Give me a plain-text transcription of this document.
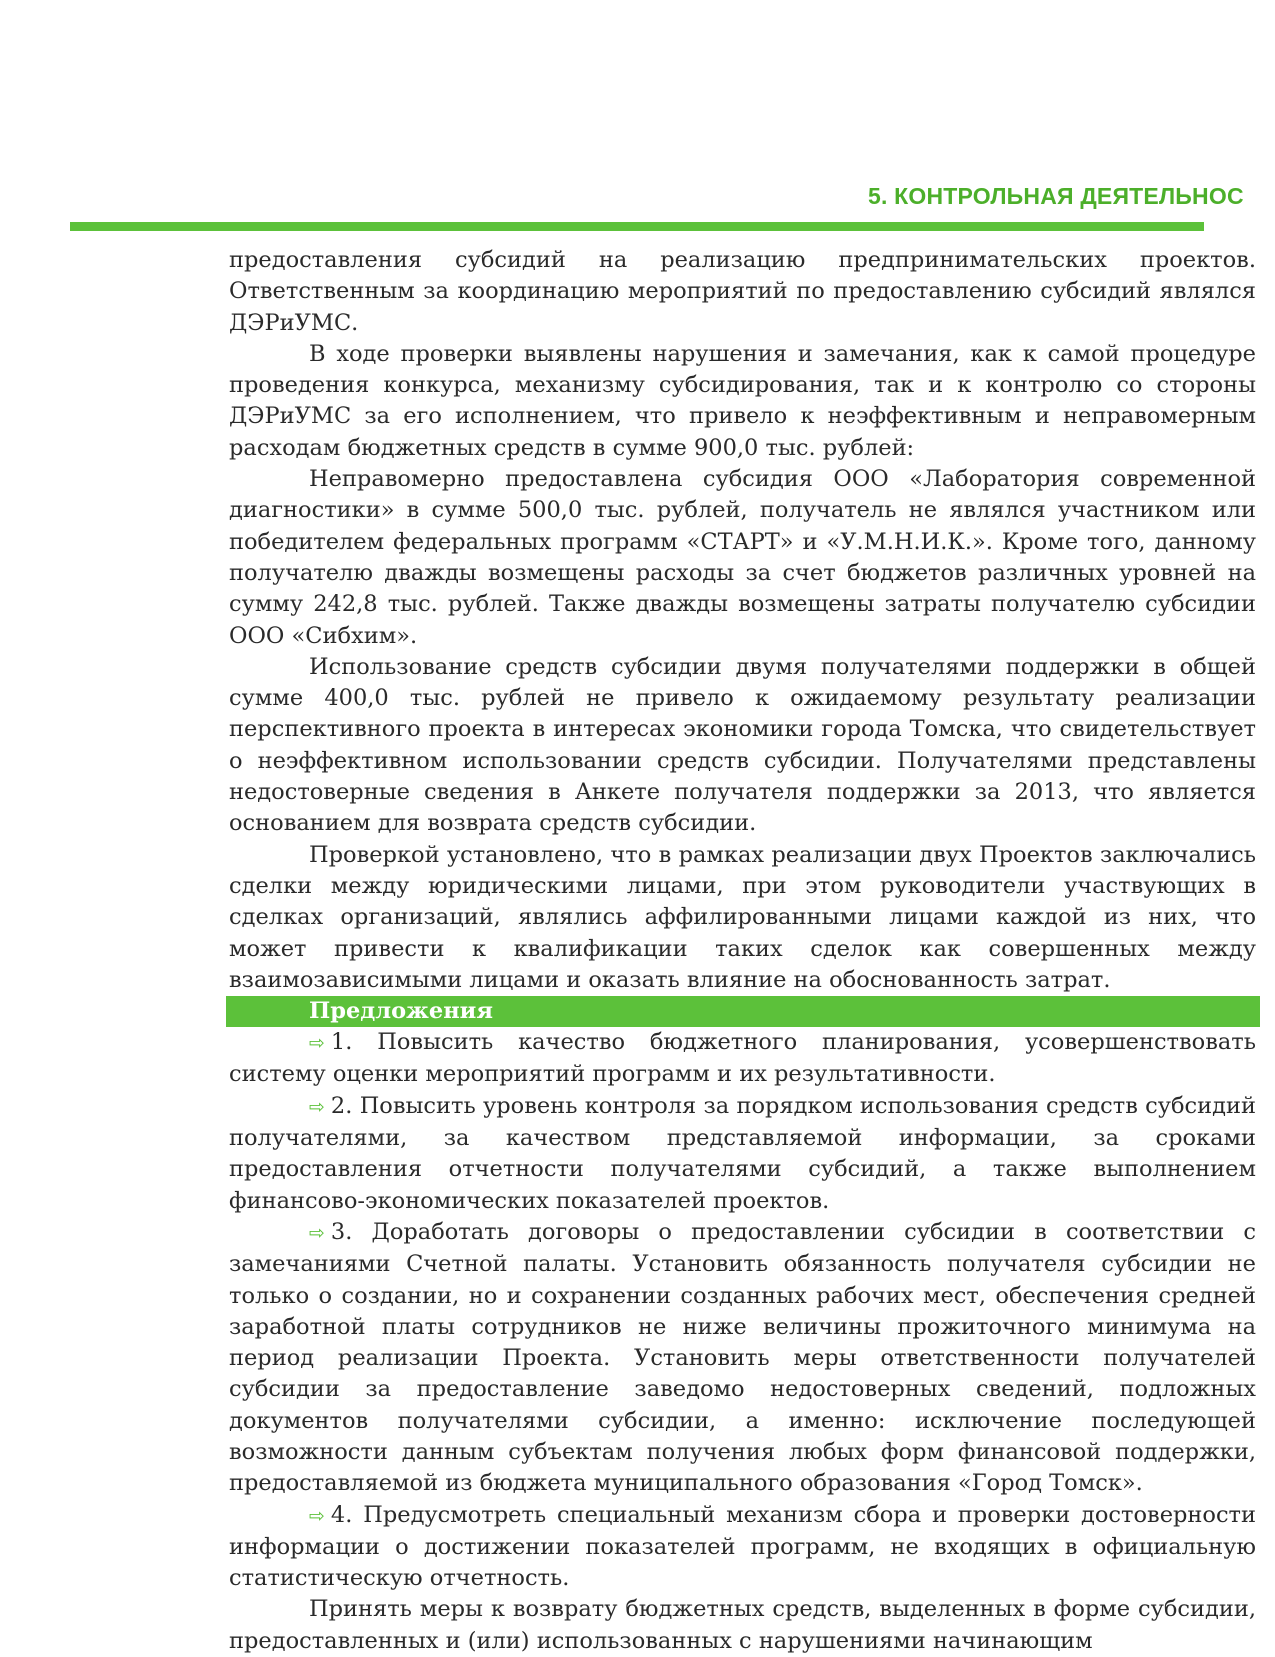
5. КОНТРОЛЬНАЯ ДЕЯТЕЛЬНОС

предоставления субсидий на реализацию предпринимательских проектов. Ответственным за координацию мероприятий по предоставлению субсидий являлся ДЭРиУМС.

В ходе проверки выявлены нарушения и замечания, как к самой процедуре проведения конкурса, механизму субсидирования, так и к контролю со стороны ДЭРиУМС за его исполнением, что привело к неэффективным и неправомерным расходам бюджетных средств в сумме 900,0 тыс. рублей:

Неправомерно предоставлена субсидия ООО «Лаборатория современной диагностики» в сумме 500,0 тыс. рублей, получатель не являлся участником или победителем федеральных программ «СТАРТ» и «У.М.Н.И.К.». Кроме того, данному получателю дважды возмещены расходы за счет бюджетов различных уровней на сумму 242,8 тыс. рублей. Также дважды возмещены затраты получателю субсидии ООО «Сибхим».

Использование средств субсидии двумя получателями поддержки в общей сумме 400,0 тыс. рублей не привело к ожидаемому результату реализации перспективного проекта в интересах экономики города Томска, что свидетельствует о неэффективном использовании средств субсидии. Получателями представлены недостоверные сведения в Анкете получателя поддержки за 2013, что является основанием для возврата средств субсидии.

Проверкой установлено, что в рамках реализации двух Проектов заключались сделки между юридическими лицами, при этом руководители участвующих в сделках организаций, являлись аффилированными лицами каждой из них, что может привести к квалификации таких сделок как совершенных между взаимозависимыми лицами и оказать влияние на обоснованность затрат.

Предложения

⇨ 1. Повысить качество бюджетного планирования, усовершенствовать систему оценки мероприятий программ и их результативности.

⇨ 2. Повысить уровень контроля за порядком использования средств субсидий получателями, за качеством представляемой информации, за сроками предоставления отчетности получателями субсидий, а также выполнением финансово-экономических показателей проектов.

⇨ 3. Доработать договоры о предоставлении субсидии в соответствии с замечаниями Счетной палаты. Установить обязанность получателя субсидии не только о создании, но и сохранении созданных рабочих мест, обеспечения средней заработной платы сотрудников не ниже величины прожиточного минимума на период реализации Проекта. Установить меры ответственности получателей субсидии за предоставление заведомо недостоверных сведений, подложных документов получателями субсидии, а именно: исключение последующей возможности данным субъектам получения любых форм финансовой поддержки, предоставляемой из бюджета муниципального образования «Город Томск».

⇨ 4. Предусмотреть специальный механизм сбора и проверки достоверности информации о достижении показателей программ, не входящих в официальную статистическую отчетность.

Принять меры к возврату бюджетных средств, выделенных в форме субсидии, предоставленных и (или) использованных с нарушениями начинающим
